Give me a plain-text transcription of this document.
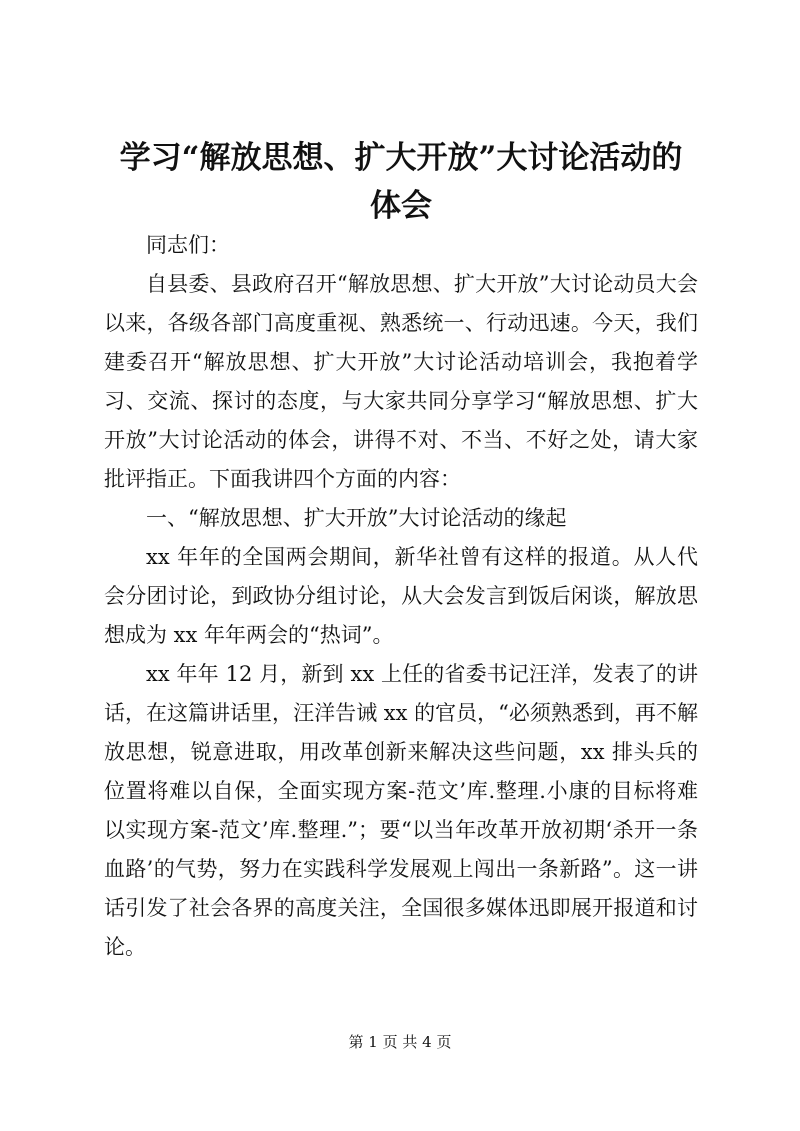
学习“解放思想、扩大开放”大讨论活动的体会

同志们：

自县委、县政府召开“解放思想、扩大开放”大讨论动员大会以来，各级各部门高度重视、熟悉统一、行动迅速。今天，我们建委召开“解放思想、扩大开放”大讨论活动培训会，我抱着学习、交流、探讨的态度，与大家共同分享学习“解放思想、扩大开放”大讨论活动的体会，讲得不对、不当、不好之处，请大家批评指正。下面我讲四个方面的内容：

一、“解放思想、扩大开放”大讨论活动的缘起

xx 年年的全国两会期间，新华社曾有这样的报道。从人代会分团讨论，到政协分组讨论，从大会发言到饭后闲谈，解放思想成为 xx 年年两会的“热词”。

xx 年年 12 月，新到 xx 上任的省委书记汪洋，发表了的讲话，在这篇讲话里，汪洋告诫 xx 的官员，“必须熟悉到，再不解放思想，锐意进取，用改革创新来解决这些问题，xx 排头兵的位置将难以自保，全面实现方案-范文’库.整理.小康的目标将难以实现方案-范文’库.整理.”；要“以当年改革开放初期‘杀开一条血路’的气势，努力在实践科学发展观上闯出一条新路”。这一讲话引发了社会各界的高度关注，全国很多媒体迅即展开报道和讨论。

第 1 页 共 4 页
